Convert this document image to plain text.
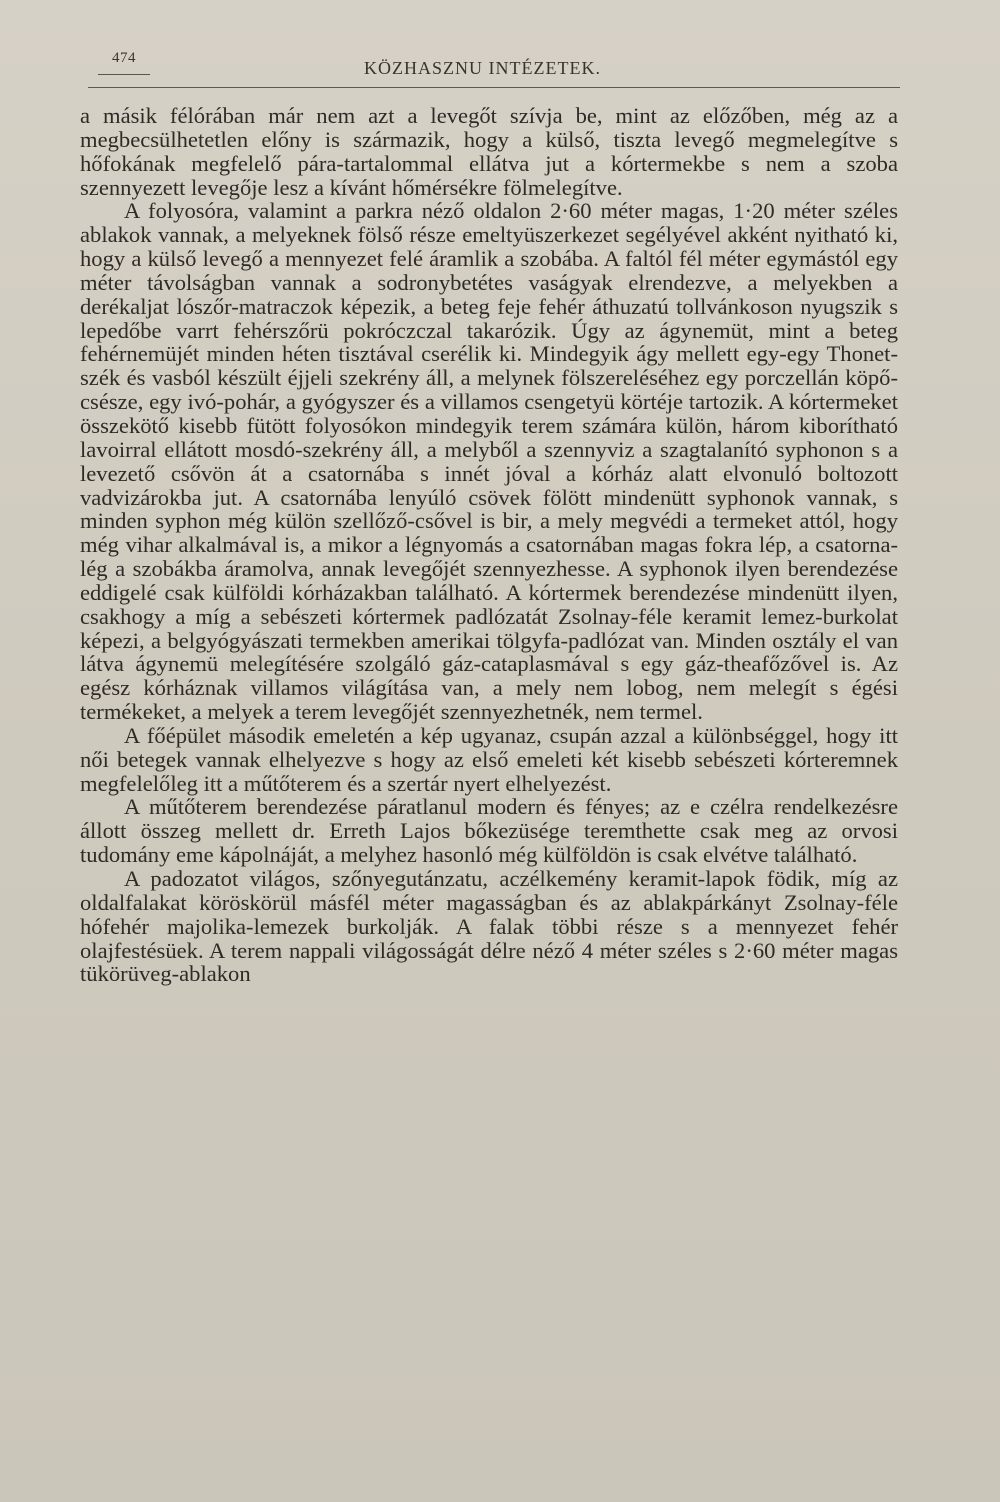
474	KÖZHASZNU INTÉZETEK.

a másik félórában már nem azt a levegőt szívja be, mint az előzőben, még az a megbecsülhetetlen előny is származik, hogy a külső, tiszta levegő megmelegítve s hőfokának megfelelő pára-tartalommal ellátva jut a kórtermekbe s nem a szoba szennyezett levegője lesz a kívánt hőmérsékre fölmelegítve.

A folyosóra, valamint a parkra néző oldalon 2·60 méter magas, 1·20 méter széles ablakok vannak, a melyeknek fölső része emeltyüszerkezet segélyével akként nyitható ki, hogy a külső levegő a mennyezet felé áramlik a szobába. A faltól fél méter egymástól egy méter távolságban vannak a sodronybetétes vaságyak elrendezve, a melyekben a derékaljat lószőr-matraczok képezik, a beteg feje fehér áthuzatú tollvánkoson nyugszik s lepedőbe varrt fehérszőrü pokróczczal takarózik. Úgy az ágynemüt, mint a beteg fehérnemüjét minden héten tisztával cserélik ki. Mindegyik ágy mellett egy-egy Thonet-szék és vasból készült éjjeli szekrény áll, a melynek fölszereléséhez egy porczellán köpő-csésze, egy ivó-pohár, a gyógyszer és a villamos csengetyü körtéje tartozik. A kórtermeket összekötő kisebb fütött folyosókon mindegyik terem számára külön, három kiborítható lavoirral ellátott mosdó-szekrény áll, a melyből a szennyviz a szagtalanító syphonon s a levezető csővön át a csatornába s innét jóval a kórház alatt elvonuló boltozott vadvizárokba jut. A csatornába lenyúló csövek fölött mindenütt syphonok vannak, s minden syphon még külön szellőző-csővel is bir, a mely megvédi a termeket attól, hogy még vihar alkalmával is, a mikor a légnyomás a csatornában magas fokra lép, a csatorna-lég a szobákba áramolva, annak levegőjét szennyezhesse. A syphonok ilyen berendezése eddigelé csak külföldi kórházakban található. A kórtermek berendezése mindenütt ilyen, csakhogy a míg a sebészeti kórtermek padlózatát Zsolnay-féle keramit lemez-burkolat képezi, a belgyógyászati termekben amerikai tölgyfa-padlózat van. Minden osztály el van látva ágynemü melegítésére szolgáló gáz-cataplasmával s egy gáz-theafőzővel is. Az egész kórháznak villamos világítása van, a mely nem lobog, nem melegít s égési termékeket, a melyek a terem levegőjét szennyezhetnék, nem termel.

A főépület második emeletén a kép ugyanaz, csupán azzal a különbséggel, hogy itt női betegek vannak elhelyezve s hogy az első emeleti két kisebb sebészeti kórteremnek megfelelőleg itt a műtőterem és a szertár nyert elhelyezést.

A műtőterem berendezése páratlanul modern és fényes; az e czélra rendelkezésre állott összeg mellett dr. Erreth Lajos bőkezüsége teremthette csak meg az orvosi tudomány eme kápolnáját, a melyhez hasonló még külföldön is csak elvétve található.

A padozatot világos, szőnyegutánzatu, aczélkemény keramit-lapok födik, míg az oldalfalakat köröskörül másfél méter magasságban és az ablakpárkányt Zsolnay-féle hófehér majolika-lemezek burkolják. A falak többi része s a mennyezet fehér olajfestésüek. A terem nappali világosságát délre néző 4 méter széles s 2·60 méter magas tükörüveg-ablakon
